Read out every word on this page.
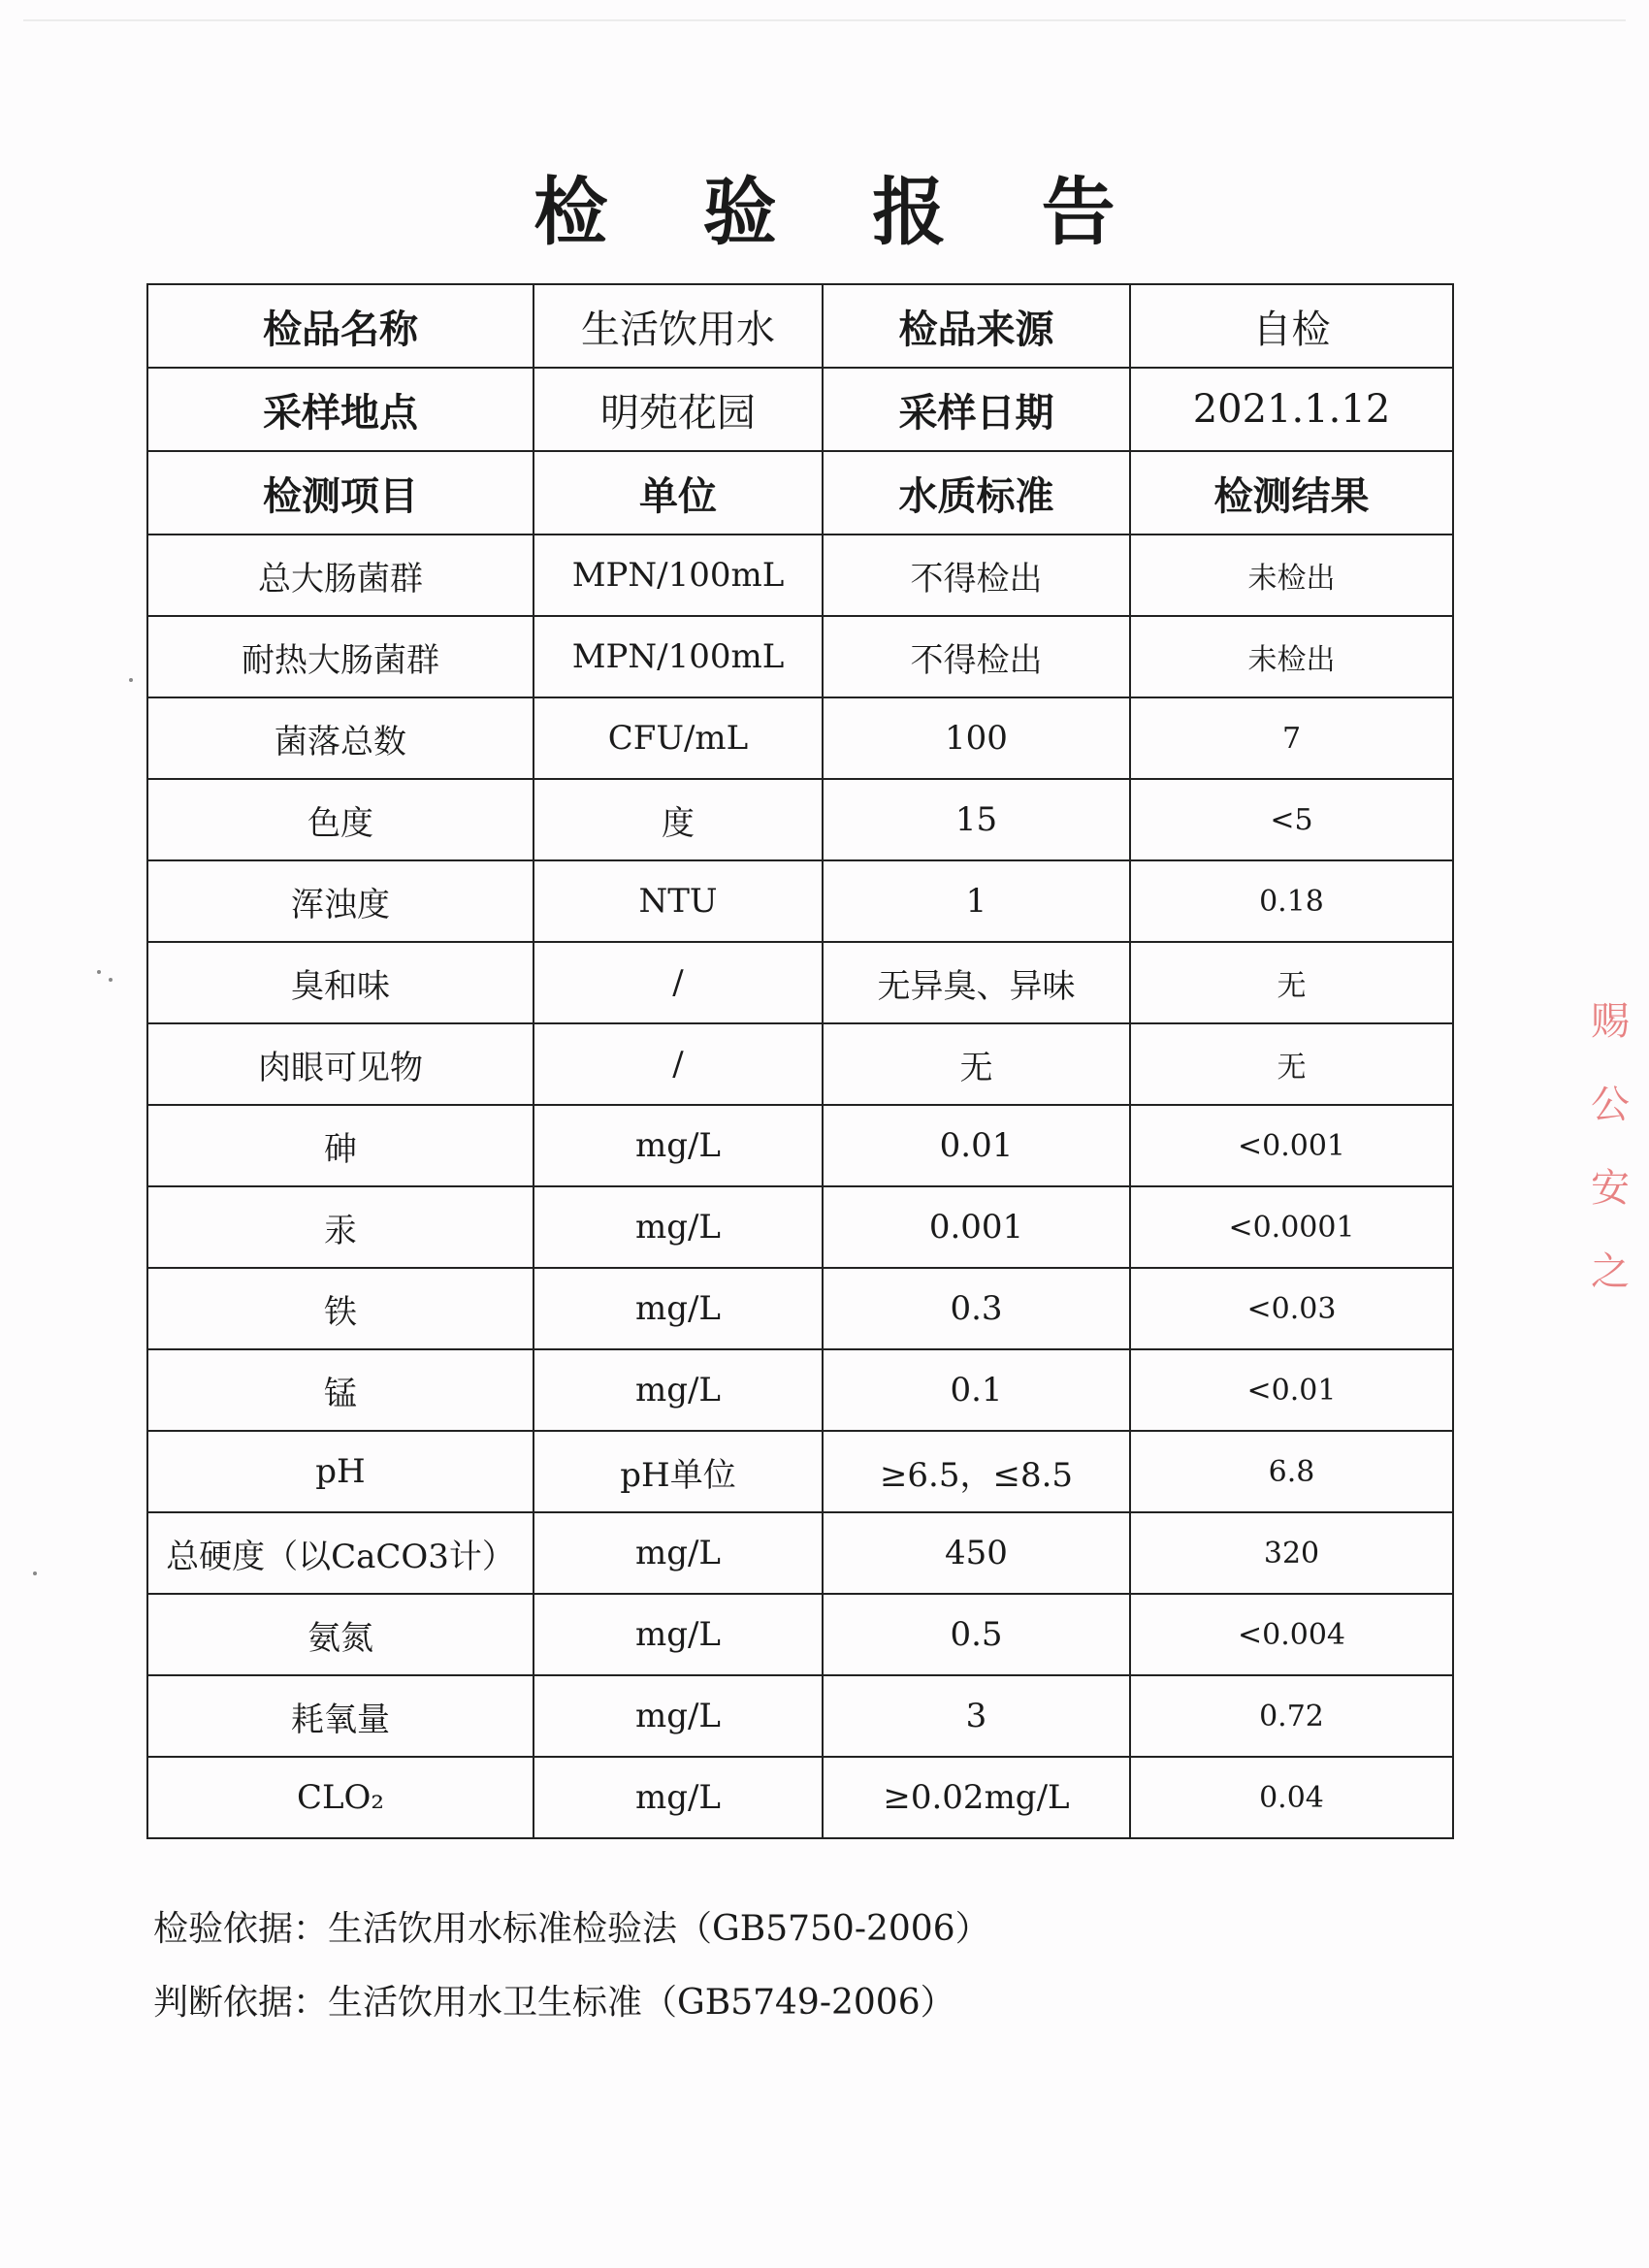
检 验 报 告
检品名称	生活饮用水	检品来源	自检
采样地点	明苑花园	采样日期	2021.1.12
检测项目	单位	水质标准	检测结果
总大肠菌群	MPN/100mL	不得检出	未检出
耐热大肠菌群	MPN/100mL	不得检出	未检出
菌落总数	CFU/mL	100	7
色度	度	15	<5
浑浊度	NTU	1	0.18
臭和味	/	无异臭、异味	无
肉眼可见物	/	无	无
砷	mg/L	0.01	<0.001
汞	mg/L	0.001	<0.0001
铁	mg/L	0.3	<0.03
锰	mg/L	0.1	<0.01
pH	pH单位	≥6.5，≤8.5	6.8
总硬度（以CaCO3计）	mg/L	450	320
氨氮	mg/L	0.5	<0.004
耗氧量	mg/L	3	0.72
CLO₂	mg/L	≥0.02mg/L	0.04
检验依据：生活饮用水标准检验法（GB5750-2006）
判断依据：生活饮用水卫生标准（GB5749-2006）
赐 公 安 之
